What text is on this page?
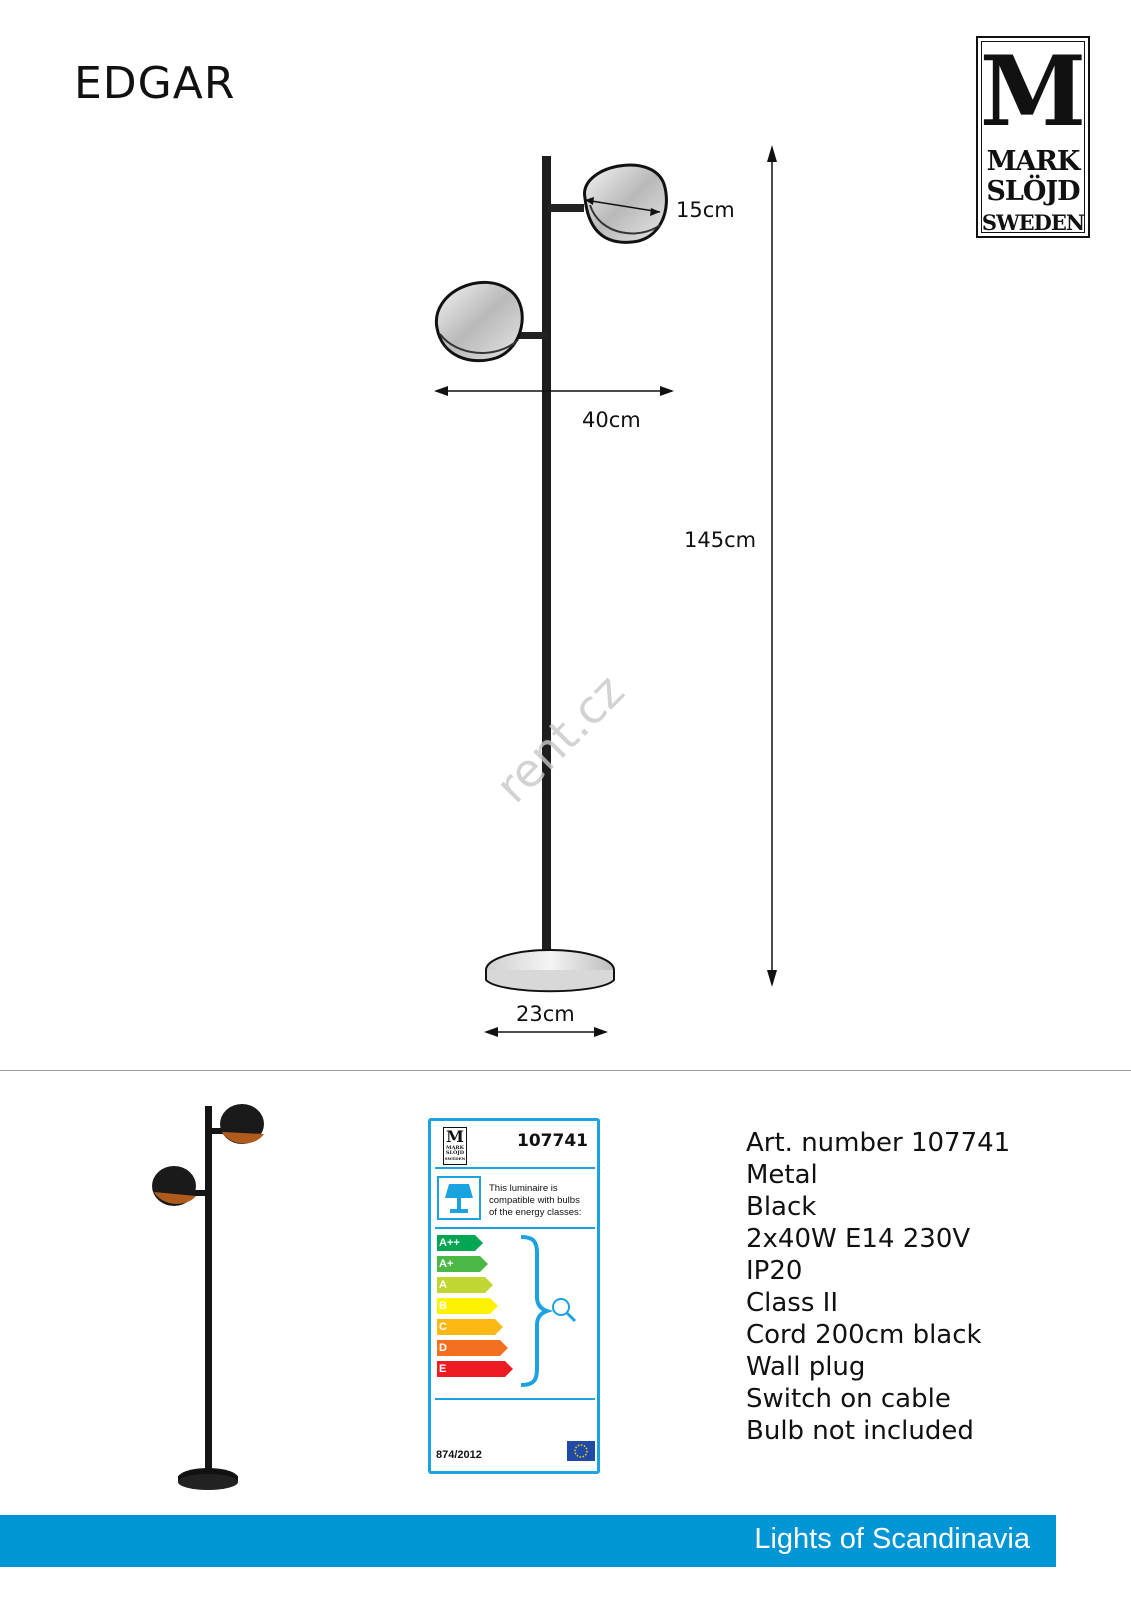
EDGAR	M
MARK
SLÖJD
SWEDEN
15cm
40cm
145cm
23cm
rent.cz
M
MARK
SLÖJD
SWEDEN
107741
This luminaire is
compatible with bulbs
of the energy classes:
A++
A+
A
B
C
D
E
874/2012
Art. number 107741
Metal
Black
2x40W E14 230V
IP20
Class II
Cord 200cm black
Wall plug
Switch on cable
Bulb not included
Lights of Scandinavia
